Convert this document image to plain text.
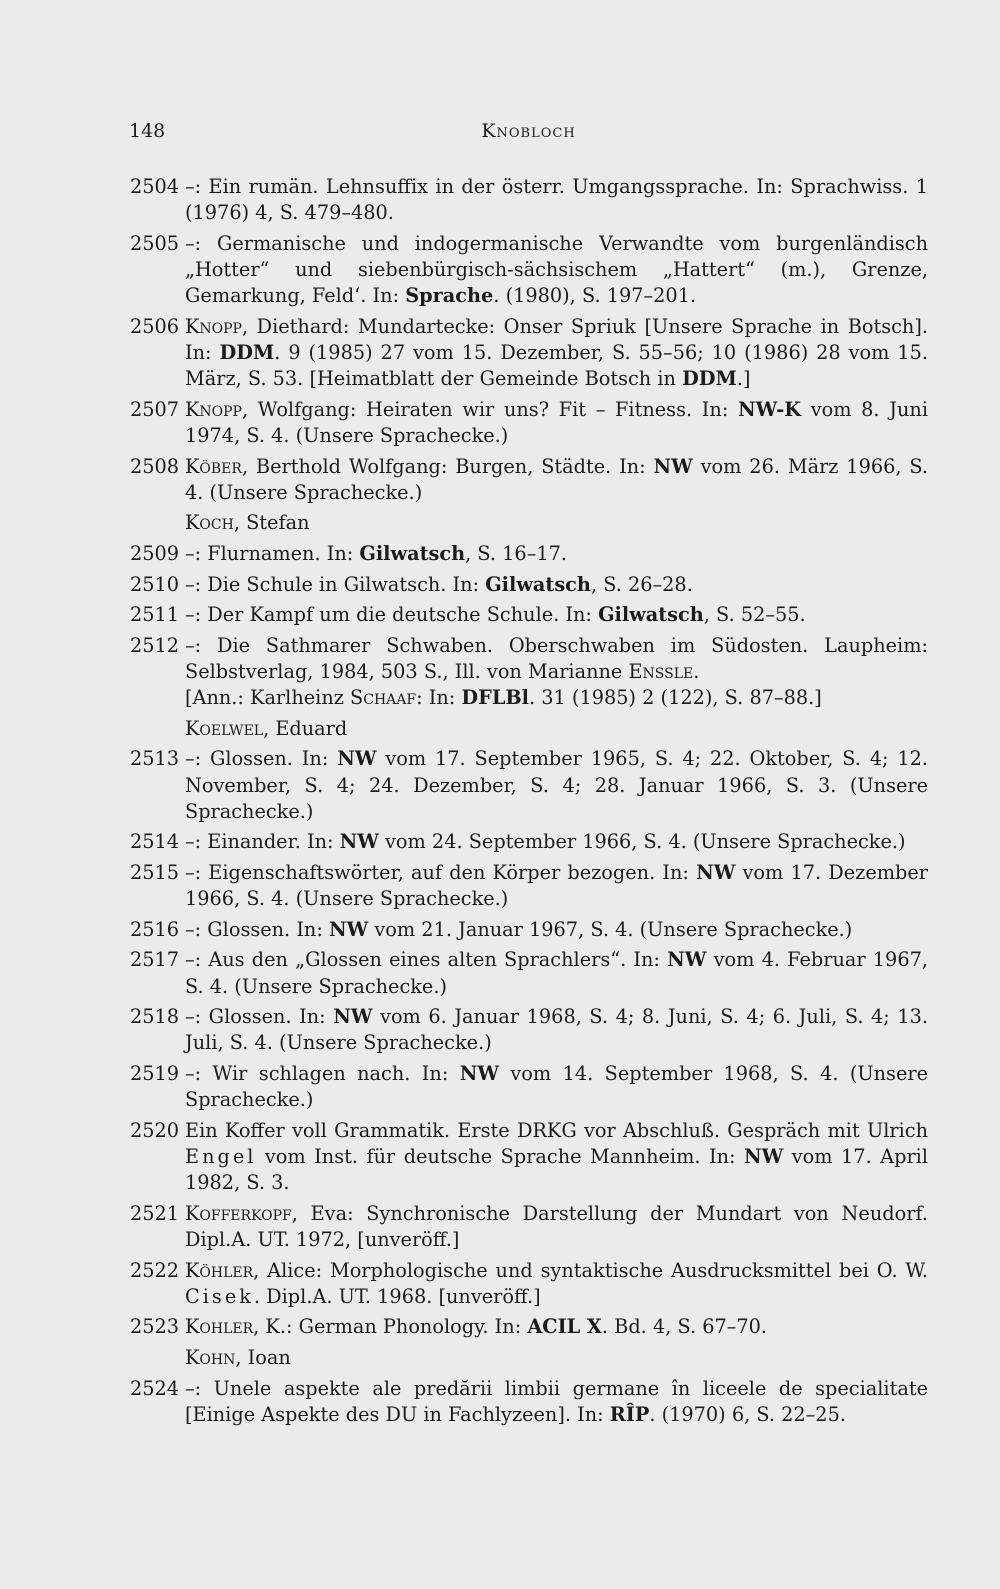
148	Knobloch
2504 –: Ein rumän. Lehnsuffix in der österr. Umgangssprache. In: Sprachwiss. 1 (1976) 4, S. 479–480.
2505 –: Germanische und indogermanische Verwandte vom burgenländisch „Hotter“ und siebenbürgisch-sächsischem „Hattert“ (m.), Grenze, Gemarkung, Feld‘. In: Sprache. (1980), S. 197–201.
2506 Knopp, Diethard: Mundartecke: Onser Spriuk [Unsere Sprache in Botsch]. In: DDM. 9 (1985) 27 vom 15. Dezember, S. 55–56; 10 (1986) 28 vom 15. März, S. 53. [Heimatblatt der Gemeinde Botsch in DDM.]
2507 Knopp, Wolfgang: Heiraten wir uns? Fit – Fitness. In: NW-K vom 8. Juni 1974, S. 4. (Unsere Sprachecke.)
2508 Köber, Berthold Wolfgang: Burgen, Städte. In: NW vom 26. März 1966, S. 4. (Unsere Sprachecke.)
Koch, Stefan
2509 –: Flurnamen. In: Gilwatsch, S. 16–17.
2510 –: Die Schule in Gilwatsch. In: Gilwatsch, S. 26–28.
2511 –: Der Kampf um die deutsche Schule. In: Gilwatsch, S. 52–55.
2512 –: Die Sathmarer Schwaben. Oberschwaben im Südosten. Laupheim: Selbstverlag, 1984, 503 S., Ill. von Marianne Enssle.
[Ann.: Karlheinz Schaaf: In: DFLBl. 31 (1985) 2 (122), S. 87–88.]
Koelwel, Eduard
2513 –: Glossen. In: NW vom 17. September 1965, S. 4; 22. Oktober, S. 4; 12. November, S. 4; 24. Dezember, S. 4; 28. Januar 1966, S. 3. (Unsere Sprachecke.)
2514 –: Einander. In: NW vom 24. September 1966, S. 4. (Unsere Sprachecke.)
2515 –: Eigenschaftswörter, auf den Körper bezogen. In: NW vom 17. Dezember 1966, S. 4. (Unsere Sprachecke.)
2516 –: Glossen. In: NW vom 21. Januar 1967, S. 4. (Unsere Sprachecke.)
2517 –: Aus den „Glossen eines alten Sprachlers“. In: NW vom 4. Februar 1967, S. 4. (Unsere Sprachecke.)
2518 –: Glossen. In: NW vom 6. Januar 1968, S. 4; 8. Juni, S. 4; 6. Juli, S. 4; 13. Juli, S. 4. (Unsere Sprachecke.)
2519 –: Wir schlagen nach. In: NW vom 14. September 1968, S. 4. (Unsere Sprachecke.)
2520 Ein Koffer voll Grammatik. Erste DRKG vor Abschluß. Gespräch mit Ulrich Engel vom Inst. für deutsche Sprache Mannheim. In: NW vom 17. April 1982, S. 3.
2521 Kofferkopf, Eva: Synchronische Darstellung der Mundart von Neudorf. Dipl.A. UT. 1972, [unveröff.]
2522 Köhler, Alice: Morphologische und syntaktische Ausdrucksmittel bei O. W. Cisek. Dipl.A. UT. 1968. [unveröff.]
2523 Kohler, K.: German Phonology. In: ACIL X. Bd. 4, S. 67–70.
Kohn, Ioan
2524 –: Unele aspekte ale predării limbii germane în liceele de specialitate [Einige Aspekte des DU in Fachlyzeen]. In: RÎP. (1970) 6, S. 22–25.
